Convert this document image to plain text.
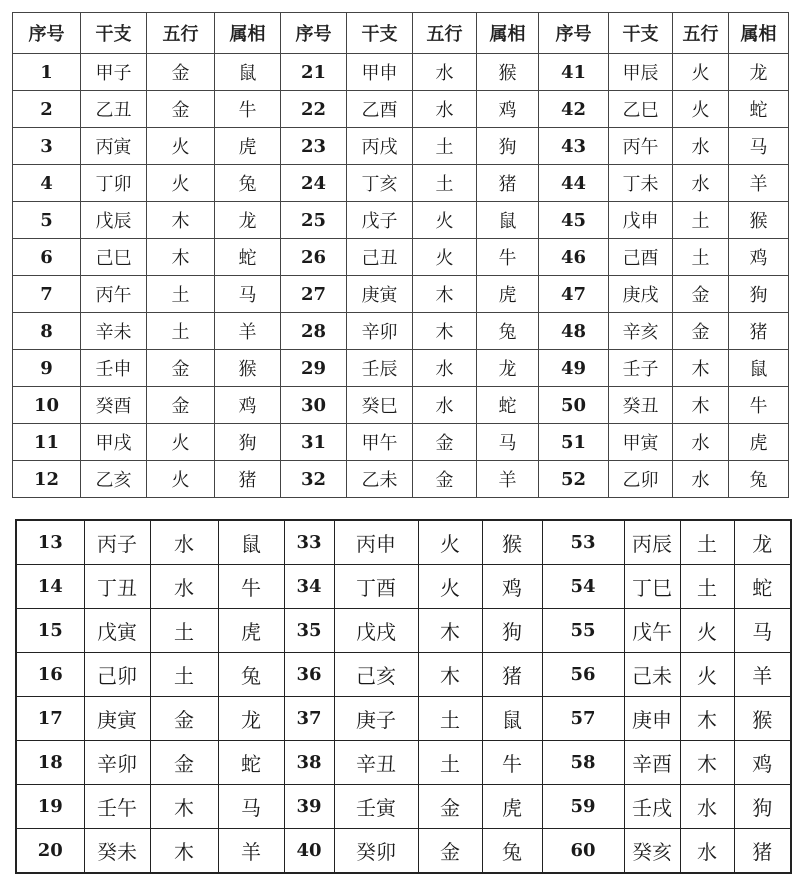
序号	干支	五行	属相	序号	干支	五行	属相	序号	干支	五行	属相
1	甲子	金	鼠	21	甲申	水	猴	41	甲辰	火	龙
2	乙丑	金	牛	22	乙酉	水	鸡	42	乙巳	火	蛇
3	丙寅	火	虎	23	丙戌	土	狗	43	丙午	水	马
4	丁卯	火	兔	24	丁亥	土	猪	44	丁未	水	羊
5	戊辰	木	龙	25	戊子	火	鼠	45	戊申	土	猴
6	己巳	木	蛇	26	己丑	火	牛	46	己酉	土	鸡
7	丙午	土	马	27	庚寅	木	虎	47	庚戌	金	狗
8	辛未	土	羊	28	辛卯	木	兔	48	辛亥	金	猪
9	壬申	金	猴	29	壬辰	水	龙	49	壬子	木	鼠
10	癸酉	金	鸡	30	癸巳	水	蛇	50	癸丑	木	牛
11	甲戌	火	狗	31	甲午	金	马	51	甲寅	水	虎
12	乙亥	火	猪	32	乙未	金	羊	52	乙卯	水	兔
13	丙子	水	鼠	33	丙申	火	猴	53	丙辰	土	龙
14	丁丑	水	牛	34	丁酉	火	鸡	54	丁巳	土	蛇
15	戊寅	土	虎	35	戊戌	木	狗	55	戊午	火	马
16	己卯	土	兔	36	己亥	木	猪	56	己未	火	羊
17	庚寅	金	龙	37	庚子	土	鼠	57	庚申	木	猴
18	辛卯	金	蛇	38	辛丑	土	牛	58	辛酉	木	鸡
19	壬午	木	马	39	壬寅	金	虎	59	壬戌	水	狗
20	癸未	木	羊	40	癸卯	金	兔	60	癸亥	水	猪
